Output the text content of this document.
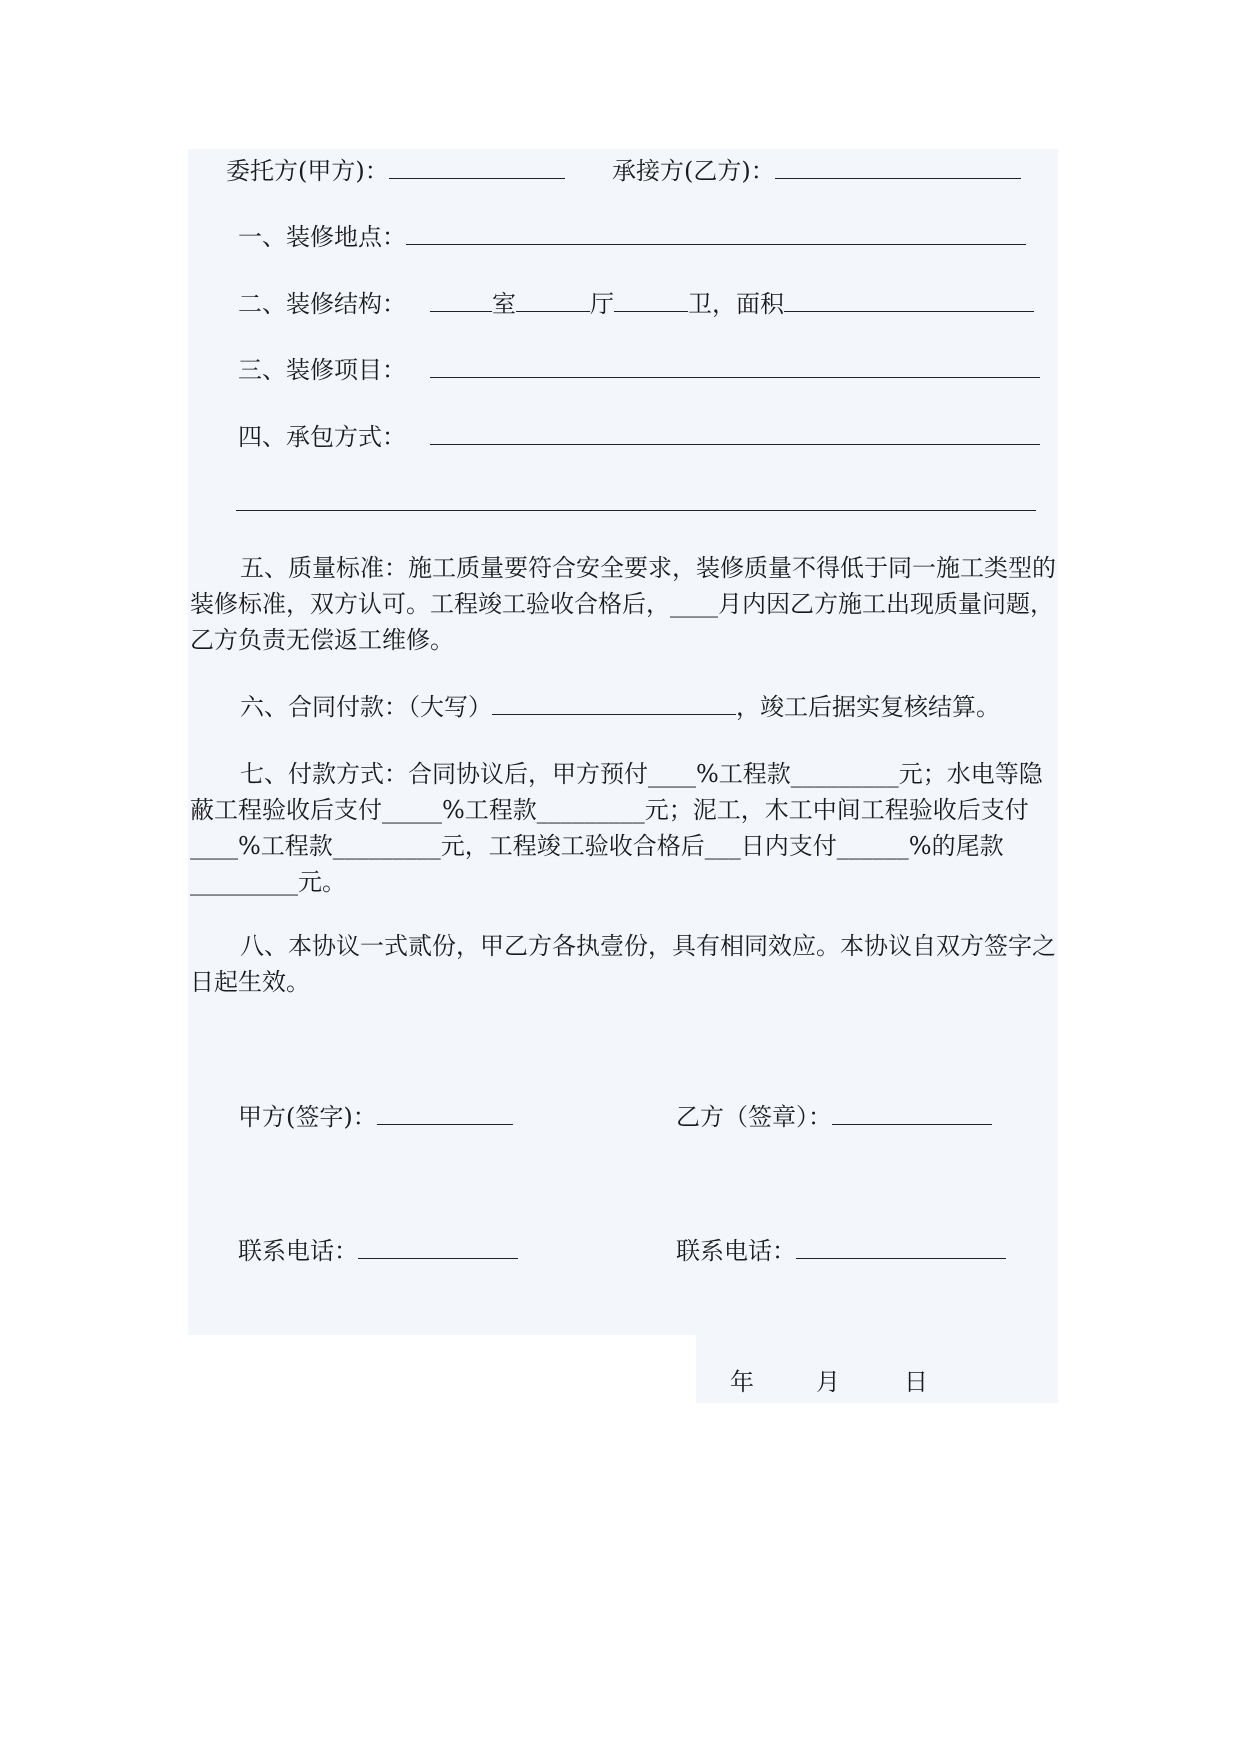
委托方(甲方)：	承接方(乙方)：
一、装修地点：
二、装修结构：	室	厅	卫，面积
三、装修项目：
四、承包方式：
五、质量标准：施工质量要符合安全要求，装修质量不得低于同一施工类型的装修标准，双方认可。工程竣工验收合格后，____月内因乙方施工出现质量问题，乙方负责无偿返工维修。
六、合同付款：（大写）	，竣工后据实复核结算。
七、付款方式：合同协议后，甲方预付____%工程款_________元；水电等隐蔽工程验收后支付_____%工程款_________元；泥工，木工中间工程验收后支付____%工程款_________元，工程竣工验收合格后___日内支付______%的尾款_________元。
八、本协议一式贰份，甲乙方各执壹份，具有相同效应。本协议自双方签字之日起生效。
甲方(签字)：	乙方（签章）：
联系电话：	联系电话：
年	月	日
